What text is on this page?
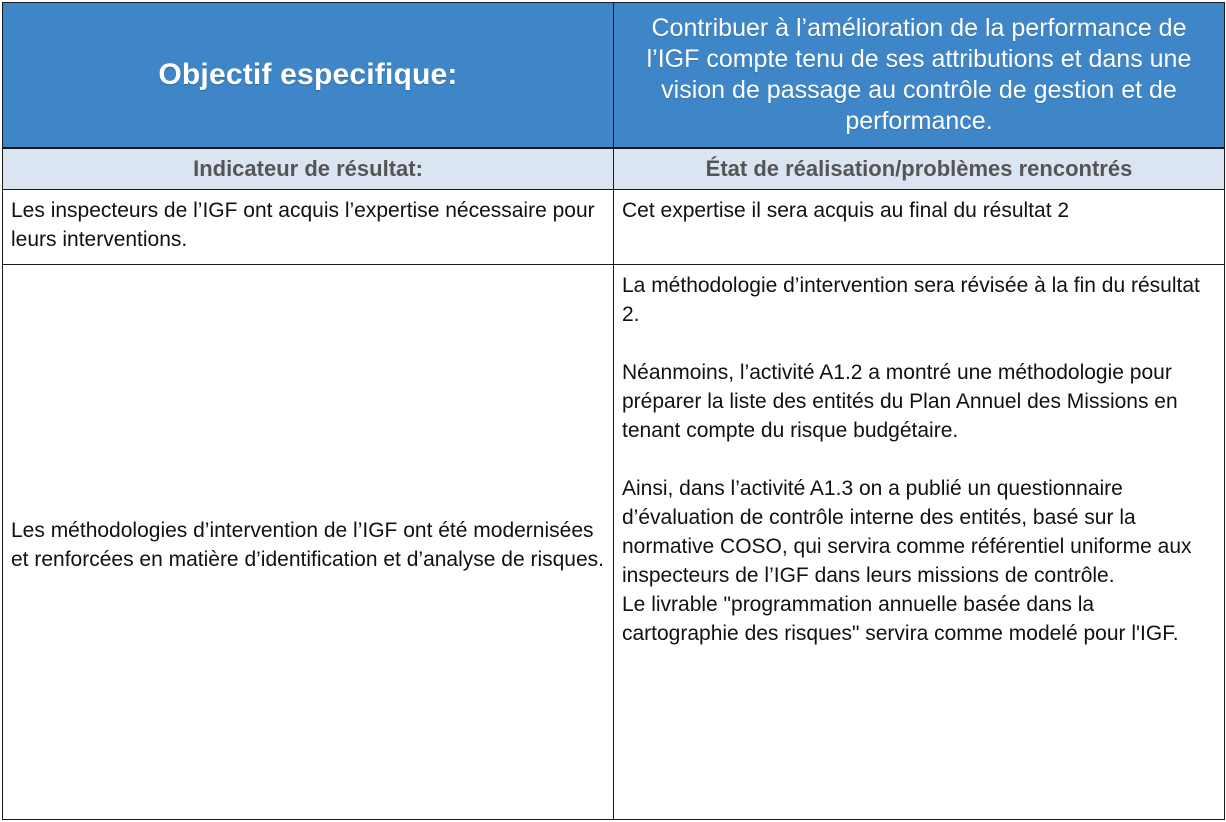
Objectif especifique:	Contribuer à l’amélioration de la performance de l’IGF compte tenu de ses attributions et dans une vision de passage au contrôle de gestion et de performance.

Indicateur de résultat:	État de réalisation/problèmes rencontrés

Les inspecteurs de l’IGF ont acquis l’expertise nécessaire pour leurs interventions.	Cet expertise il sera acquis au final du résultat 2

Les méthodologies d’intervention de l’IGF ont été modernisées et renforcées en matière d’identification et d’analyse de risques.	La méthodologie d’intervention sera révisée à la fin du résultat 2.
Néanmoins, l’activité A1.2 a montré une méthodologie pour préparer la liste des entités du Plan Annuel des Missions en tenant compte du risque budgétaire.
Ainsi, dans l’activité A1.3 on a publié un questionnaire d’évaluation de contrôle interne des entités, basé sur la normative COSO, qui servira comme référentiel uniforme aux inspecteurs de l’IGF dans leurs missions de contrôle.
Le livrable "programmation annuelle basée dans la cartographie des risques" servira comme modelé pour l'IGF.
